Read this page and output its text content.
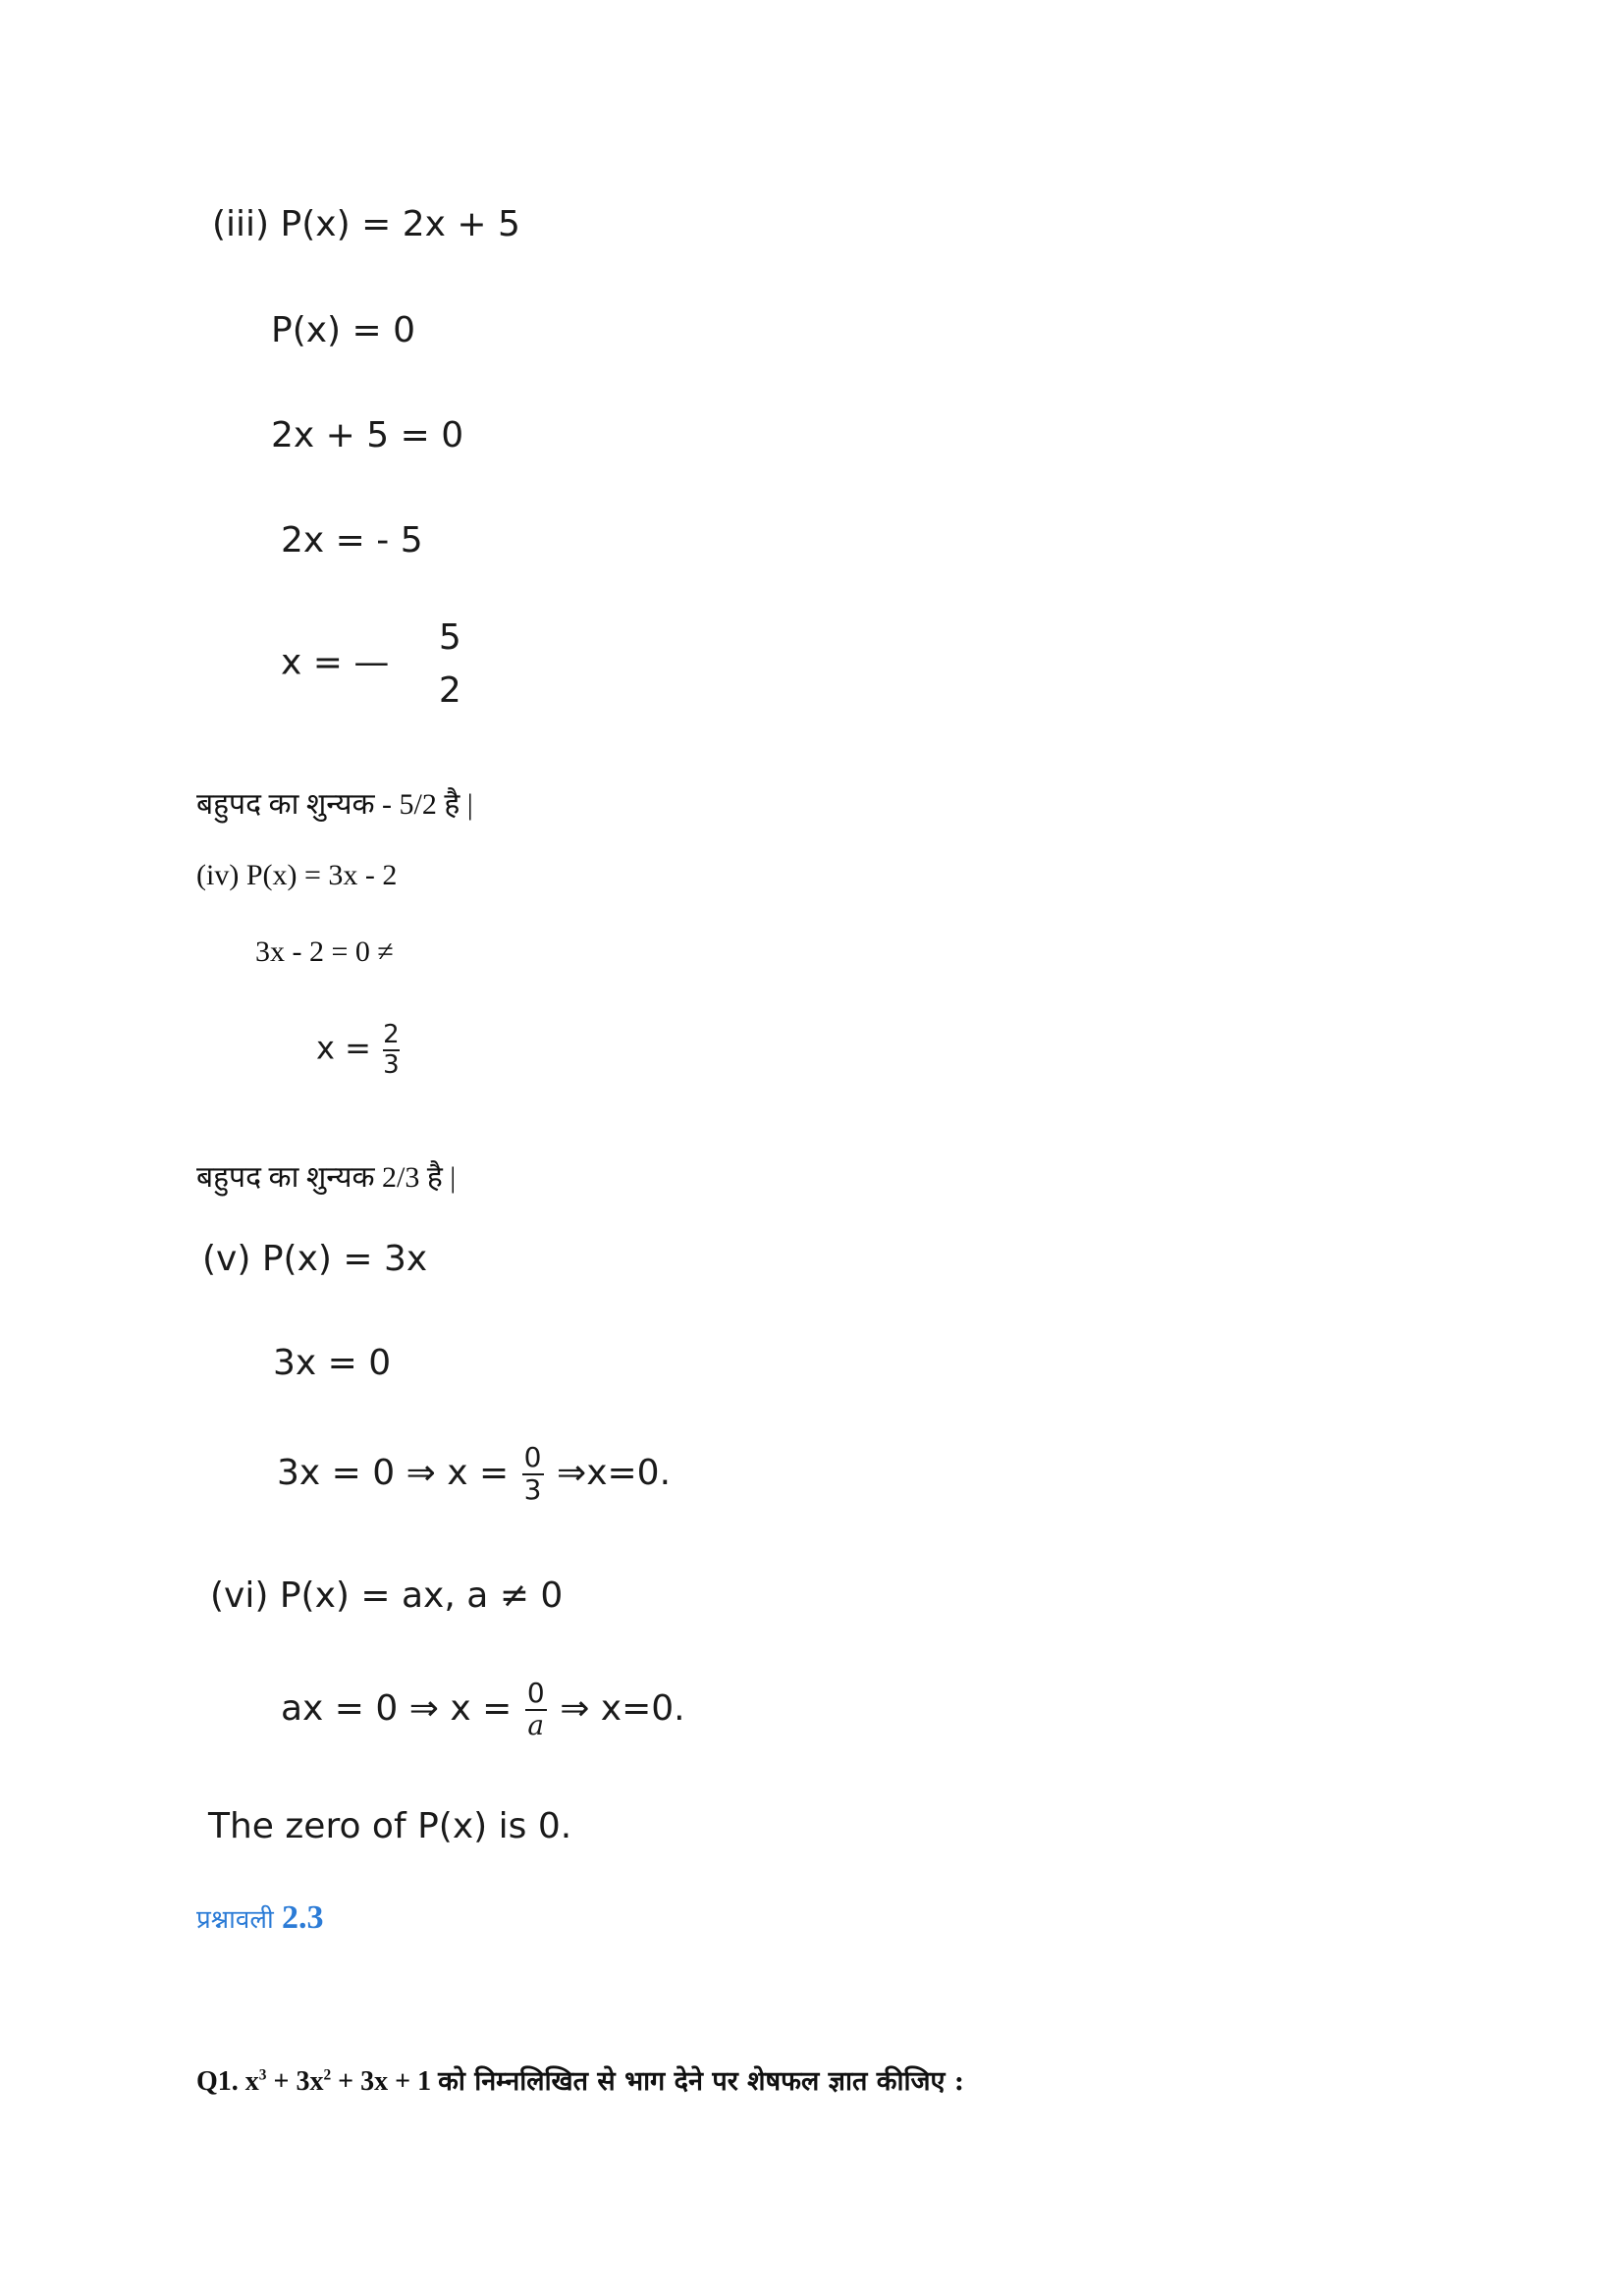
(iii) P(x) = 2x + 5
P(x) = 0
2x + 5 = 0
2x = - 5
x = —
5
2
बहुपद का शुन्यक - 5/2 है |
(iv) P(x) = 3x - 2
3x - 2 = 0 ≠
$x = \frac{2}{3}$
बहुपद का शुन्यक 2/3 है |
(v) P(x) = 3x
3x = 0
3x = 0 ⇒ $x = \frac{0}{3}$ ⇒x=0.
(vi) P(x) = ax, a ≠ 0
ax = 0 ⇒ $x = \frac{0}{a}$ ⇒ x=0.
The zero of P(x) is 0.
प्रश्नावली 2.3
Q1. $x^3 + 3x^2 + 3x + 1$ को निम्नलिखित से भाग देने पर शेषफल ज्ञात कीजिए :
